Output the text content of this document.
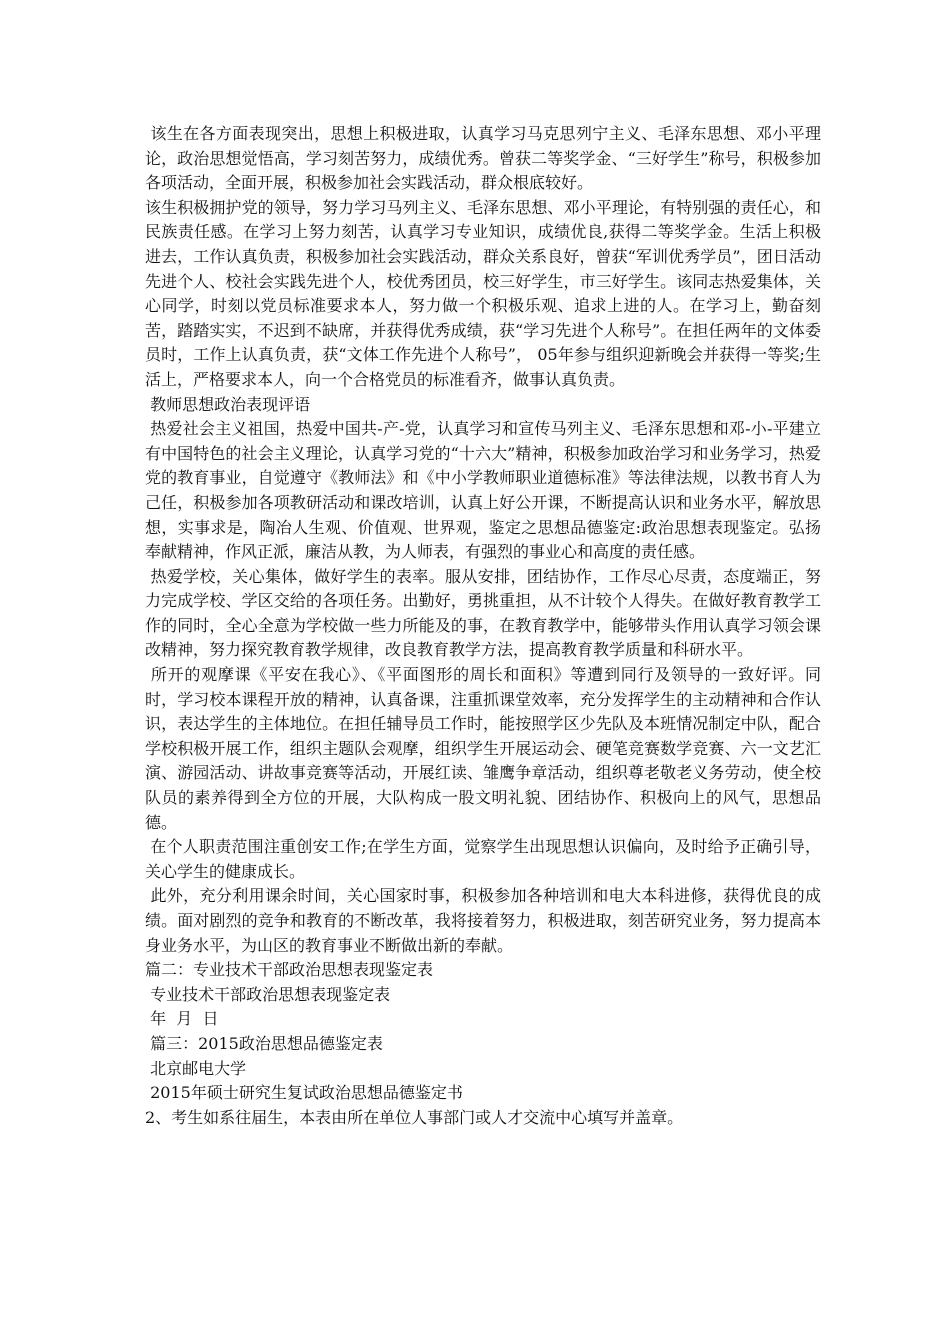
该生在各方面表现突出，思想上积极进取，认真学习马克思列宁主义、毛泽东思想、邓小平理论，政治思想觉悟高，学习刻苦努力，成绩优秀。曾获二等奖学金、“三好学生”称号，积极参加各项活动，全面开展，积极参加社会实践活动，群众根底较好。

该生积极拥护党的领导，努力学习马列主义、毛泽东思想、邓小平理论，有特别强的责任心，和民族责任感。在学习上努力刻苦，认真学习专业知识，成绩优良,获得二等奖学金。生活上积极进去，工作认真负责，积极参加社会实践活动，群众关系良好，曾获“军训优秀学员”，团日活动先进个人、校社会实践先进个人，校优秀团员，校三好学生，市三好学生。该同志热爱集体，关心同学，时刻以党员标准要求本人，努力做一个积极乐观、追求上进的人。在学习上，勤奋刻苦，踏踏实实，不迟到不缺席，并获得优秀成绩，获“学习先进个人称号”。在担任两年的文体委员时，工作上认真负责，获“文体工作先进个人称号”， 05年参与组织迎新晚会并获得一等奖;生活上，严格要求本人，向一个合格党员的标准看齐，做事认真负责。

教师思想政治表现评语

热爱社会主义祖国，热爱中国共-产-党，认真学习和宣传马列主义、毛泽东思想和邓-小-平建立有中国特色的社会主义理论，认真学习党的“十六大”精神，积极参加政治学习和业务学习，热爱党的教育事业，自觉遵守《教师法》和《中小学教师职业道德标准》等法律法规，以教书育人为己任，积极参加各项教研活动和课改培训，认真上好公开课，不断提高认识和业务水平，解放思想，实事求是，陶冶人生观、价值观、世界观，鉴定之思想品德鉴定:政治思想表现鉴定。弘扬奉献精神，作风正派，廉洁从教，为人师表，有强烈的事业心和高度的责任感。

热爱学校，关心集体，做好学生的表率。服从安排，团结协作，工作尽心尽责，态度端正，努力完成学校、学区交给的各项任务。出勤好，勇挑重担，从不计较个人得失。在做好教育教学工作的同时，全心全意为学校做一些力所能及的事，在教育教学中，能够带头作用认真学习领会课改精神，努力探究教育教学规律，改良教育教学方法，提高教育教学质量和科研水平。

所开的观摩课《平安在我心》、《平面图形的周长和面积》等遭到同行及领导的一致好评。同时，学习校本课程开放的精神，认真备课，注重抓课堂效率，充分发挥学生的主动精神和合作认识，表达学生的主体地位。在担任辅导员工作时，能按照学区少先队及本班情况制定中队，配合学校积极开展工作，组织主题队会观摩，组织学生开展运动会、硬笔竞赛数学竞赛、六一文艺汇演、游园活动、讲故事竞赛等活动，开展红读、雏鹰争章活动，组织尊老敬老义务劳动，使全校队员的素养得到全方位的开展，大队构成一股文明礼貌、团结协作、积极向上的风气，思想品德。

在个人职责范围注重创安工作;在学生方面，觉察学生出现思想认识偏向，及时给予正确引导，关心学生的健康成长。

此外，充分利用课余时间，关心国家时事，积极参加各种培训和电大本科进修，获得优良的成绩。面对剧烈的竞争和教育的不断改革，我将接着努力，积极进取，刻苦研究业务，努力提高本身业务水平，为山区的教育事业不断做出新的奉献。

篇二：专业技术干部政治思想表现鉴定表

专业技术干部政治思想表现鉴定表

年  月  日

篇三：2015政治思想品德鉴定表

北京邮电大学

2015年硕士研究生复试政治思想品德鉴定书

2、考生如系往届生，本表由所在单位人事部门或人才交流中心填写并盖章。
